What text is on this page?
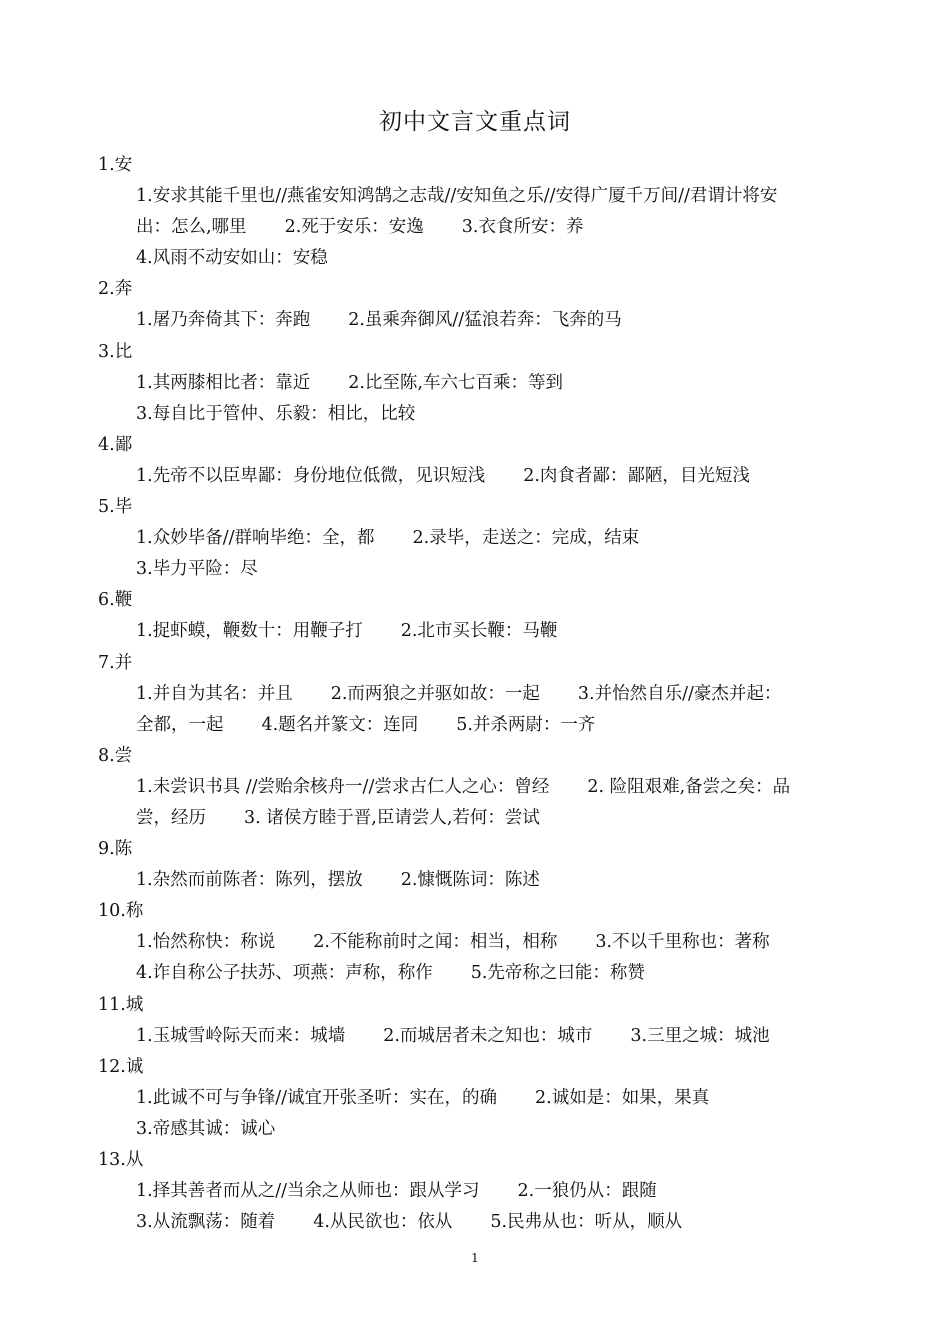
初中文言文重点词

1.安

1.安求其能千里也//燕雀安知鸿鹄之志哉//安知鱼之乐//安得广厦千万间//君谓计将安

出：怎么,哪里 2.死于安乐：安逸 3.衣食所安：养

4.风雨不动安如山：安稳

2.奔

1.屠乃奔倚其下：奔跑 2.虽乘奔御风//猛浪若奔：飞奔的马

3.比

1.其两膝相比者：靠近 2.比至陈,车六七百乘：等到

3.每自比于管仲、乐毅：相比，比较

4.鄙

1.先帝不以臣卑鄙：身份地位低微，见识短浅 2.肉食者鄙：鄙陋，目光短浅

5.毕

1.众妙毕备//群响毕绝：全，都 2.录毕，走送之：完成，结束

3.毕力平险：尽

6.鞭

1.捉虾蟆，鞭数十：用鞭子打 2.北市买长鞭：马鞭

7.并

1.并自为其名：并且 2.而两狼之并驱如故：一起 3.并怡然自乐//豪杰并起：

全都，一起 4.题名并篆文：连同 5.并杀两尉：一齐

8.尝

1.未尝识书具 //尝贻余核舟一//尝求古仁人之心：曾经 2. 险阻艰难,备尝之矣：品

尝，经历 3. 诸侯方睦于晋,臣请尝人,若何：尝试

9.陈

1.杂然而前陈者：陈列，摆放 2.慷慨陈词：陈述

10.称

1.怡然称快：称说 2.不能称前时之闻：相当，相称 3.不以千里称也：著称

4.诈自称公子扶苏、项燕：声称，称作 5.先帝称之曰能：称赞

11.城

1.玉城雪岭际天而来：城墙 2.而城居者未之知也：城市 3.三里之城：城池

12.诚

1.此诚不可与争锋//诚宜开张圣听：实在，的确 2.诚如是：如果，果真

3.帝感其诚：诚心

13.从

1.择其善者而从之//当余之从师也：跟从学习 2.一狼仍从：跟随

3.从流飘荡：随着 4.从民欲也：依从 5.民弗从也：听从，顺从

1
